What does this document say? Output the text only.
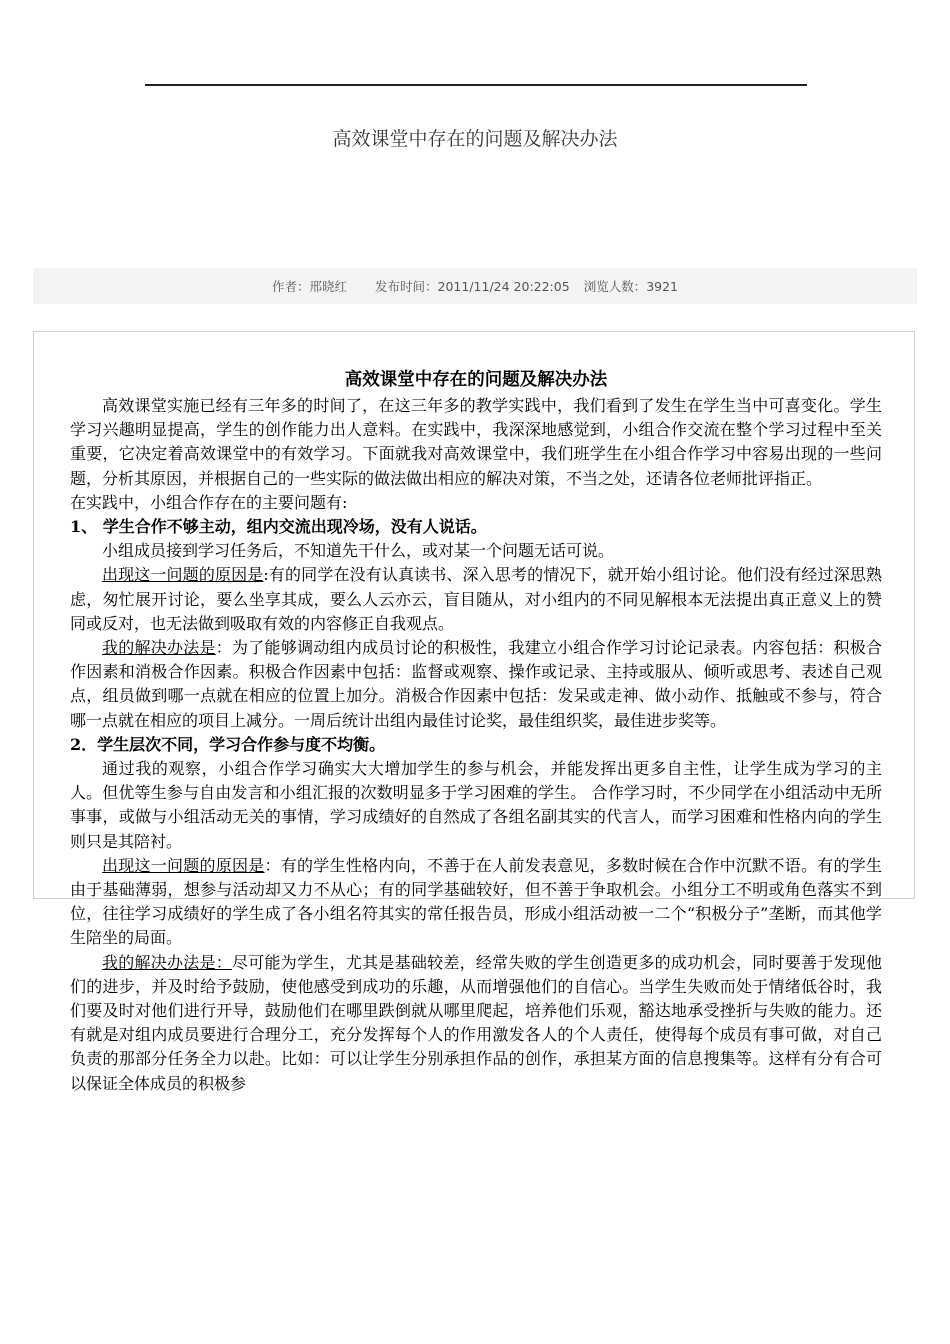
高效课堂中存在的问题及解决办法
作者： 邢晓红 发布时间： 2011/11/24 20:22:05 浏览人数： 3921
高效课堂中存在的问题及解决办法

高效课堂实施已经有三年多的时间了，在这三年多的教学实践中，我们看到了发生在学生当中可喜变化。学生学习兴趣明显提高，学生的创作能力出人意料。在实践中，我深深地感觉到，小组合作交流在整个学习过程中至关重要，它决定着高效课堂中的有效学习。下面就我对高效课堂中，我们班学生在小组合作学习中容易出现的一些问题，分析其原因，并根据自己的一些实际的做法做出相应的解决对策，不当之处，还请各位老师批评指正。

在实践中，小组合作存在的主要问题有:

1、 学生合作不够主动，组内交流出现冷场，没有人说话。

小组成员接到学习任务后，不知道先干什么，或对某一个问题无话可说。

出现这一问题的原因是:有的同学在没有认真读书、深入思考的情况下，就开始小组讨论。他们没有经过深思熟虑，匆忙展开讨论，要么坐享其成，要么人云亦云，盲目随从，对小组内的不同见解根本无法提出真正意义上的赞同或反对，也无法做到吸取有效的内容修正自我观点。

我的解决办法是：为了能够调动组内成员讨论的积极性，我建立小组合作学习讨论记录表。内容包括：积极合作因素和消极合作因素。积极合作因素中包括：监督或观察、操作或记录、主持或服从、倾听或思考、表述自己观点，组员做到哪一点就在相应的位置上加分。消极合作因素中包括：发呆或走神、做小动作、抵触或不参与，符合哪一点就在相应的项目上减分。一周后统计出组内最佳讨论奖，最佳组织奖，最佳进步奖等。

2．学生层次不同，学习合作参与度不均衡。

通过我的观察，小组合作学习确实大大增加学生的参与机会，并能发挥出更多自主性，让学生成为学习的主人。但优等生参与自由发言和小组汇报的次数明显多于学习困难的学生。 合作学习时，不少同学在小组活动中无所事事，或做与小组活动无关的事情，学习成绩好的自然成了各组名副其实的代言人，而学习困难和性格内向的学生则只是其陪衬。

出现这一问题的原因是：有的学生性格内向，不善于在人前发表意见，多数时候在合作中沉默不语。有的学生由于基础薄弱，想参与活动却又力不从心；有的同学基础较好，但不善于争取机会。小组分工不明或角色落实不到位，往往学习成绩好的学生成了各小组名符其实的常任报告员，形成小组活动被一二个“积极分子”垄断，而其他学生陪坐的局面。

我的解决办法是：尽可能为学生，尤其是基础较差，经常失败的学生创造更多的成功机会，同时要善于发现他们的进步，并及时给予鼓励，使他感受到成功的乐趣，从而增强他们的自信心。当学生失败而处于情绪低谷时，我们要及时对他们进行开导，鼓励他们在哪里跌倒就从哪里爬起，培养他们乐观，豁达地承受挫折与失败的能力。还有就是对组内成员要进行合理分工，充分发挥每个人的作用激发各人的个人责任，使得每个成员有事可做，对自己负责的那部分任务全力以赴。比如：可以让学生分别承担作品的创作，承担某方面的信息搜集等。这样有分有合可以保证全体成员的积极参
